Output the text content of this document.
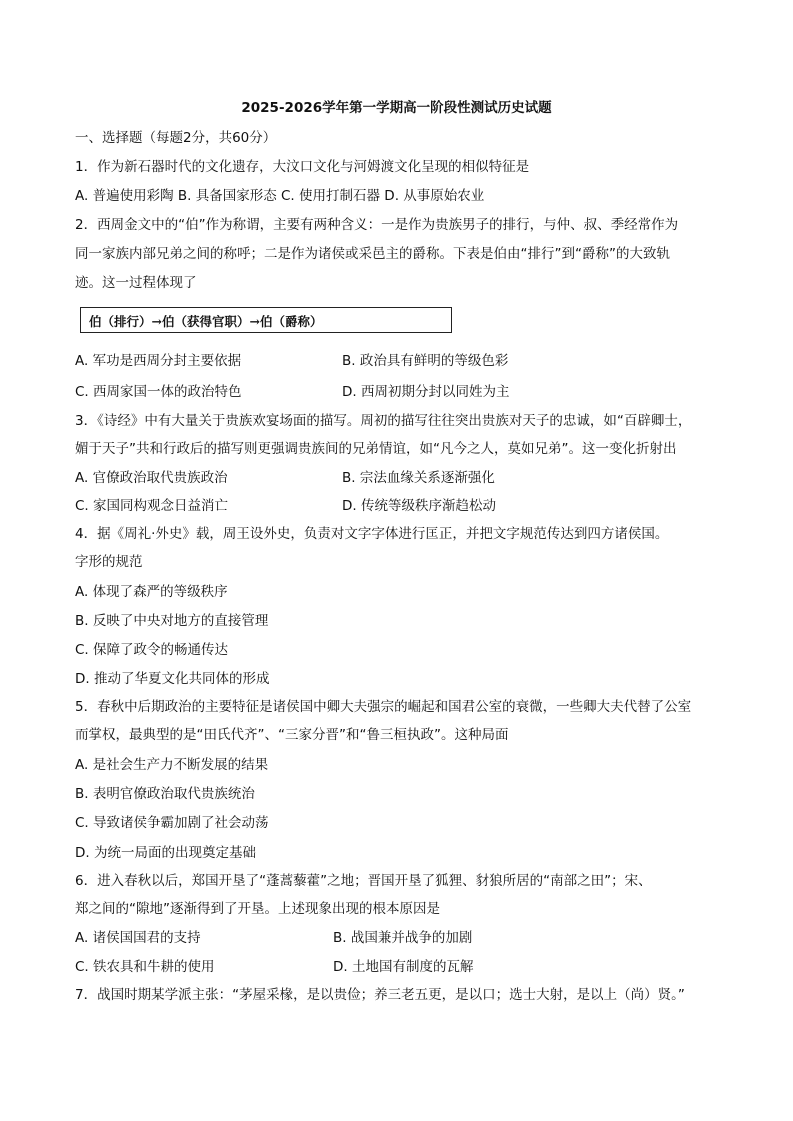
2025-2026学年第一学期高一阶段性测试历史试题
一、选择题（每题2分，共60分）
1．作为新石器时代的文化遗存，大汶口文化与河姆渡文化呈现的相似特征是
A. 普遍使用彩陶 B. 具备国家形态 C. 使用打制石器 D. 从事原始农业
2．西周金文中的“伯”作为称谓，主要有两种含义：一是作为贵族男子的排行，与仲、叔、季经常作为
同一家族内部兄弟之间的称呼；二是作为诸侯或采邑主的爵称。下表是伯由“排行”到“爵称”的大致轨
迹。这一过程体现了
伯（排行）→伯（获得官职）→伯（爵称）
A. 军功是西周分封主要依据	B. 政治具有鲜明的等级色彩
C. 西周家国一体的政治特色	D. 西周初期分封以同姓为主
3．《诗经》中有大量关于贵族欢宴场面的描写。周初的描写往往突出贵族对天子的忠诚，如“百辟卿士，
媚于天子”共和行政后的描写则更强调贵族间的兄弟情谊，如“凡今之人，莫如兄弟”。这一变化折射出
A. 官僚政治取代贵族政治	B. 宗法血缘关系逐渐强化
C. 家国同构观念日益消亡	D. 传统等级秩序渐趋松动
4．据《周礼·外史》载，周王设外史，负责对文字字体进行匡正，并把文字规范传达到四方诸侯国。
字形的规范
A. 体现了森严的等级秩序
B. 反映了中央对地方的直接管理
C. 保障了政令的畅通传达
D. 推动了华夏文化共同体的形成
5．春秋中后期政治的主要特征是诸侯国中卿大夫强宗的崛起和国君公室的衰微，一些卿大夫代替了公室
而掌权，最典型的是“田氏代齐”、“三家分晋”和“鲁三桓执政”。这种局面
A. 是社会生产力不断发展的结果
B. 表明官僚政治取代贵族统治
C. 导致诸侯争霸加剧了社会动荡
D. 为统一局面的出现奠定基础
6．进入春秋以后，郑国开垦了“蓬蒿藜藿”之地；晋国开垦了狐狸、豺狼所居的“南部之田”；宋、
郑之间的“隙地”逐渐得到了开垦。上述现象出现的根本原因是
A. 诸侯国国君的支持	B. 战国兼并战争的加剧
C. 铁农具和牛耕的使用	D. 土地国有制度的瓦解
7．战国时期某学派主张：“茅屋采椽，是以贵俭；养三老五更，是以口；选士大射，是以上（尚）贤。”
